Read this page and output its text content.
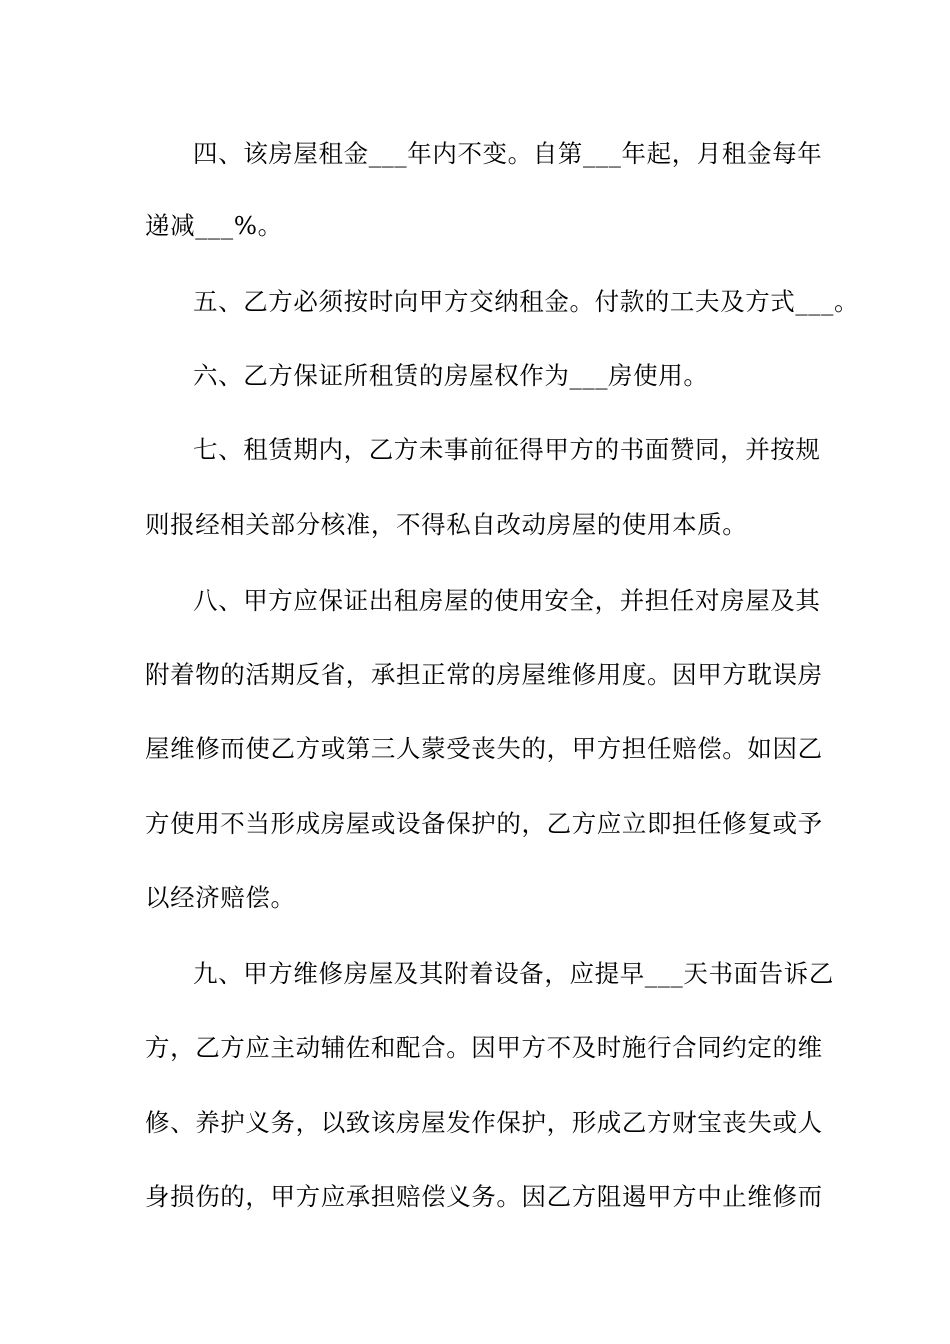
四、该房屋租金___年内不变。自第___年起，月租金每年
递减___%。
五、乙方必须按时向甲方交纳租金。付款的工夫及方式___。
六、乙方保证所租赁的房屋权作为___房使用。
七、租赁期内，乙方未事前征得甲方的书面赞同，并按规
则报经相关部分核准，不得私自改动房屋的使用本质。
八、甲方应保证出租房屋的使用安全，并担任对房屋及其
附着物的活期反省，承担正常的房屋维修用度。因甲方耽误房
屋维修而使乙方或第三人蒙受丧失的，甲方担任赔偿。如因乙
方使用不当形成房屋或设备保护的，乙方应立即担任修复或予
以经济赔偿。
九、甲方维修房屋及其附着设备，应提早___天书面告诉乙
方，乙方应主动辅佐和配合。因甲方不及时施行合同约定的维
修、养护义务，以致该房屋发作保护，形成乙方财宝丧失或人
身损伤的，甲方应承担赔偿义务。因乙方阻遏甲方中止维修而
